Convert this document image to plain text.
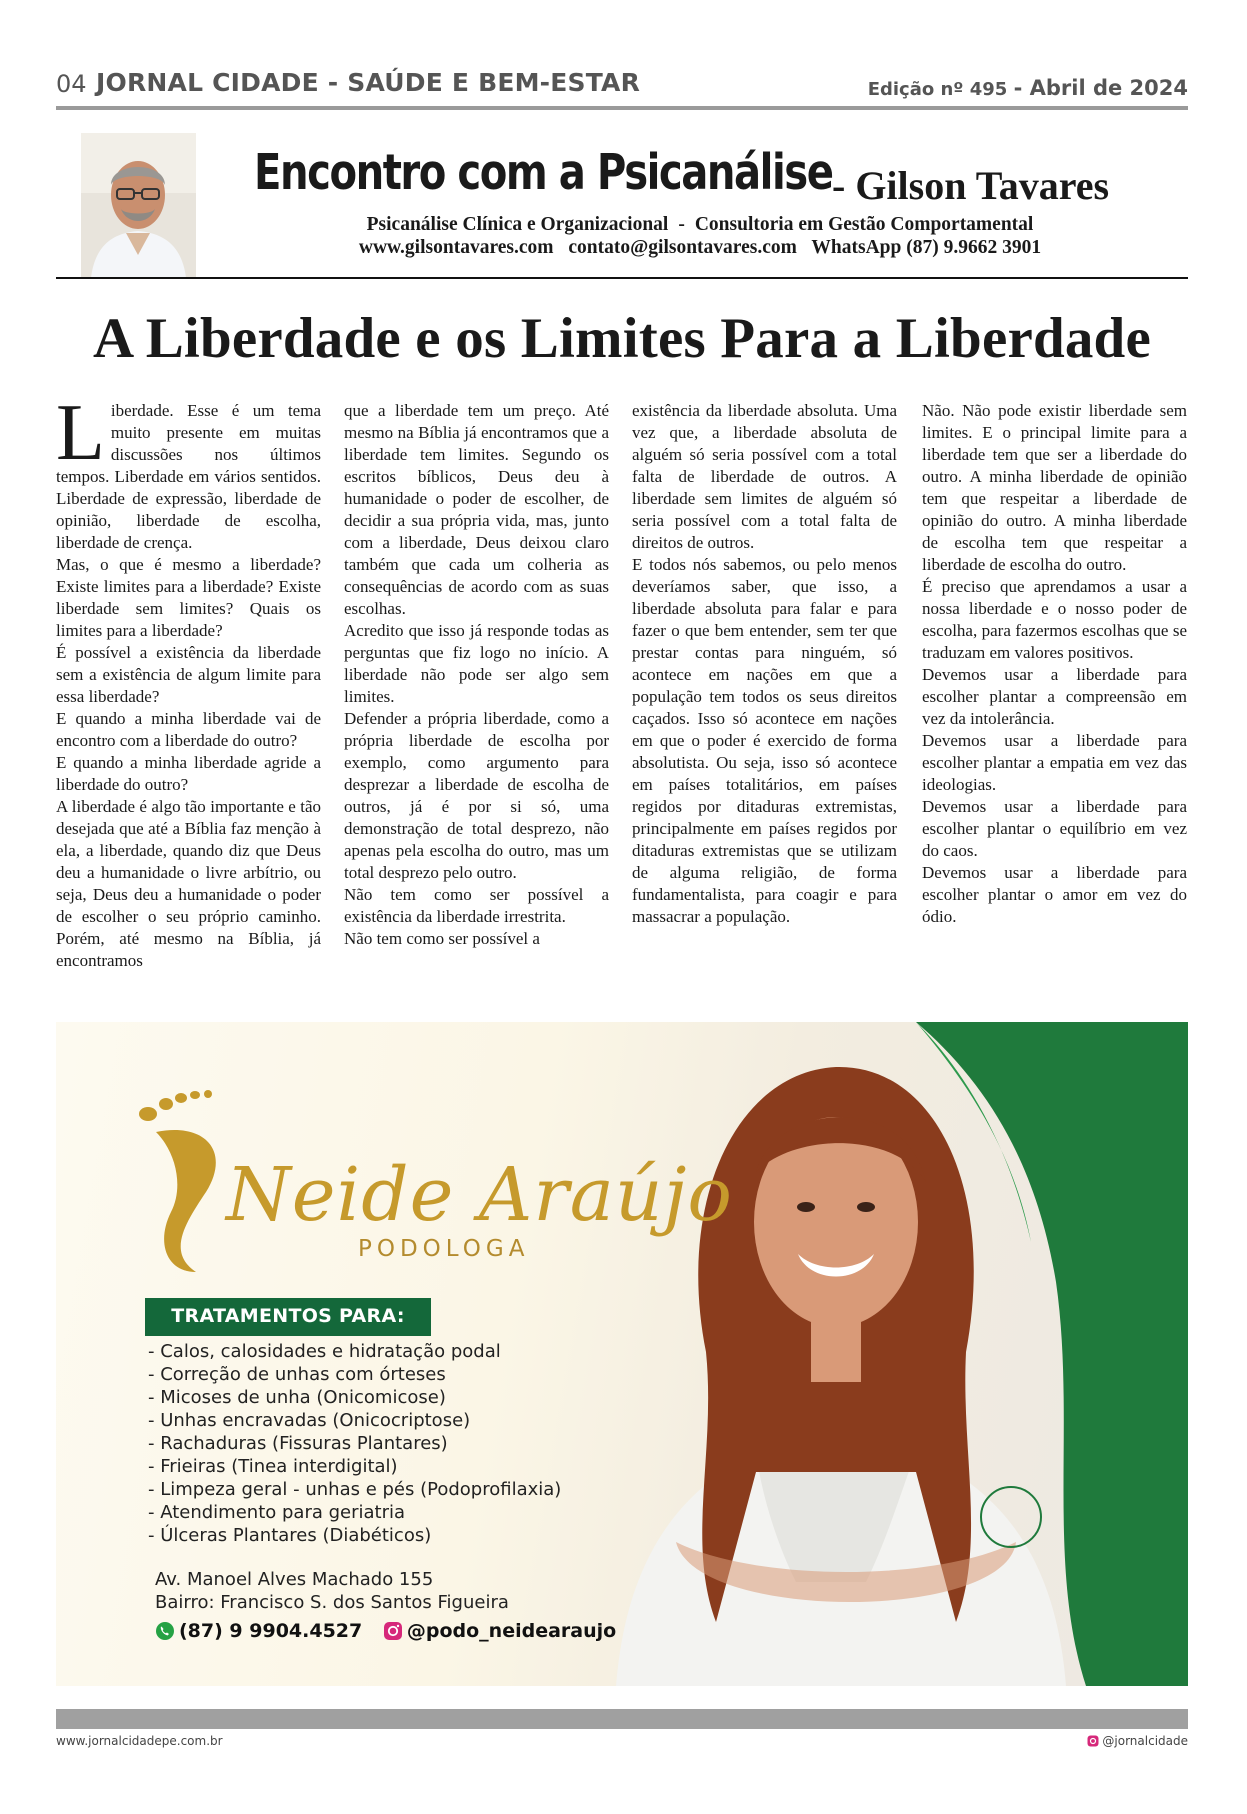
04 JORNAL CIDADE - SAÚDE E BEM-ESTAR	Edição nº 495 - Abril de 2024
Encontro com a Psicanálise - Gilson Tavares
Psicanálise Clínica e Organizacional - Consultoria em Gestão Comportamental
www.gilsontavares.com contato@gilsontavares.com WhatsApp (87) 9.9662 3901
A Liberdade e os Limites Para a Liberdade
L iberdade. Esse é um tema muito presente em muitas discussões nos últimos tempos. Liberdade em vários sentidos. Liberdade de expressão, liberdade de opinião, liberdade de escolha, liberdade de crença.

Mas, o que é mesmo a liberdade? Existe limites para a liberdade? Existe liberdade sem limites? Quais os limites para a liberdade?

É possível a existência da liberdade sem a existência de algum limite para essa liberdade?

E quando a minha liberdade vai de encontro com a liberdade do outro?

E quando a minha liberdade agride a liberdade do outro?

A liberdade é algo tão importante e tão desejada que até a Bíblia faz menção à ela, a liberdade, quando diz que Deus deu a humanidade o livre arbítrio, ou seja, Deus deu a humanidade o poder de escolher o seu próprio caminho. Porém, até mesmo na Bíblia, já encontramos

que a liberdade tem um preço. Até mesmo na Bíblia já encontramos que a liberdade tem limites. Segundo os escritos bíblicos, Deus deu à humanidade o poder de escolher, de decidir a sua própria vida, mas, junto com a liberdade, Deus deixou claro também que cada um colheria as consequências de acordo com as suas escolhas.

Acredito que isso já responde todas as perguntas que fiz logo no início. A liberdade não pode ser algo sem limites.

Defender a própria liberdade, como a própria liberdade de escolha por exemplo, como argumento para desprezar a liberdade de escolha de outros, já é por si só, uma demonstração de total desprezo, não apenas pela escolha do outro, mas um total desprezo pelo outro.

Não tem como ser possível a existência da liberdade irrestrita.

Não tem como ser possível a

existência da liberdade absoluta. Uma vez que, a liberdade absoluta de alguém só seria possível com a total falta de liberdade de outros. A liberdade sem limites de alguém só seria possível com a total falta de direitos de outros.

E todos nós sabemos, ou pelo menos deveríamos saber, que isso, a liberdade absoluta para falar e para fazer o que bem entender, sem ter que prestar contas para ninguém, só acontece em nações em que a população tem todos os seus direitos caçados. Isso só acontece em nações em que o poder é exercido de forma absolutista. Ou seja, isso só acontece em países totalitários, em países regidos por ditaduras extremistas, principalmente em países regidos por ditaduras extremistas que se utilizam de alguma religião, de forma fundamentalista, para coagir e para massacrar a população.

Não. Não pode existir liberdade sem limites. E o principal limite para a liberdade tem que ser a liberdade do outro. A minha liberdade de opinião tem que respeitar a liberdade de opinião do outro. A minha liberdade de escolha tem que respeitar a liberdade de escolha do outro.

É preciso que aprendamos a usar a nossa liberdade e o nosso poder de escolha, para fazermos escolhas que se traduzam em valores positivos.

Devemos usar a liberdade para escolher plantar a compreensão em vez da intolerância.

Devemos usar a liberdade para escolher plantar a empatia em vez das ideologias.

Devemos usar a liberdade para escolher plantar o equilíbrio em vez do caos.

Devemos usar a liberdade para escolher plantar o amor em vez do ódio.

Neide Araújo
PODOLOGA
TRATAMENTOS PARA:
- Calos, calosidades e hidratação podal
- Correção de unhas com órteses
- Micoses de unha (Onicomicose)
- Unhas encravadas (Onicocriptose)
- Rachaduras (Fissuras Plantares)
- Frieiras (Tinea interdigital)
- Limpeza geral - unhas e pés (Podoprofilaxia)
- Atendimento para geriatria
- Úlceras Plantares (Diabéticos)
Av. Manoel Alves Machado 155
Bairro: Francisco S. dos Santos Figueira
(87) 9 9904.4527 @podo_neidearaujo
www.jornalcidadepe.com.br	@jornalcidade
